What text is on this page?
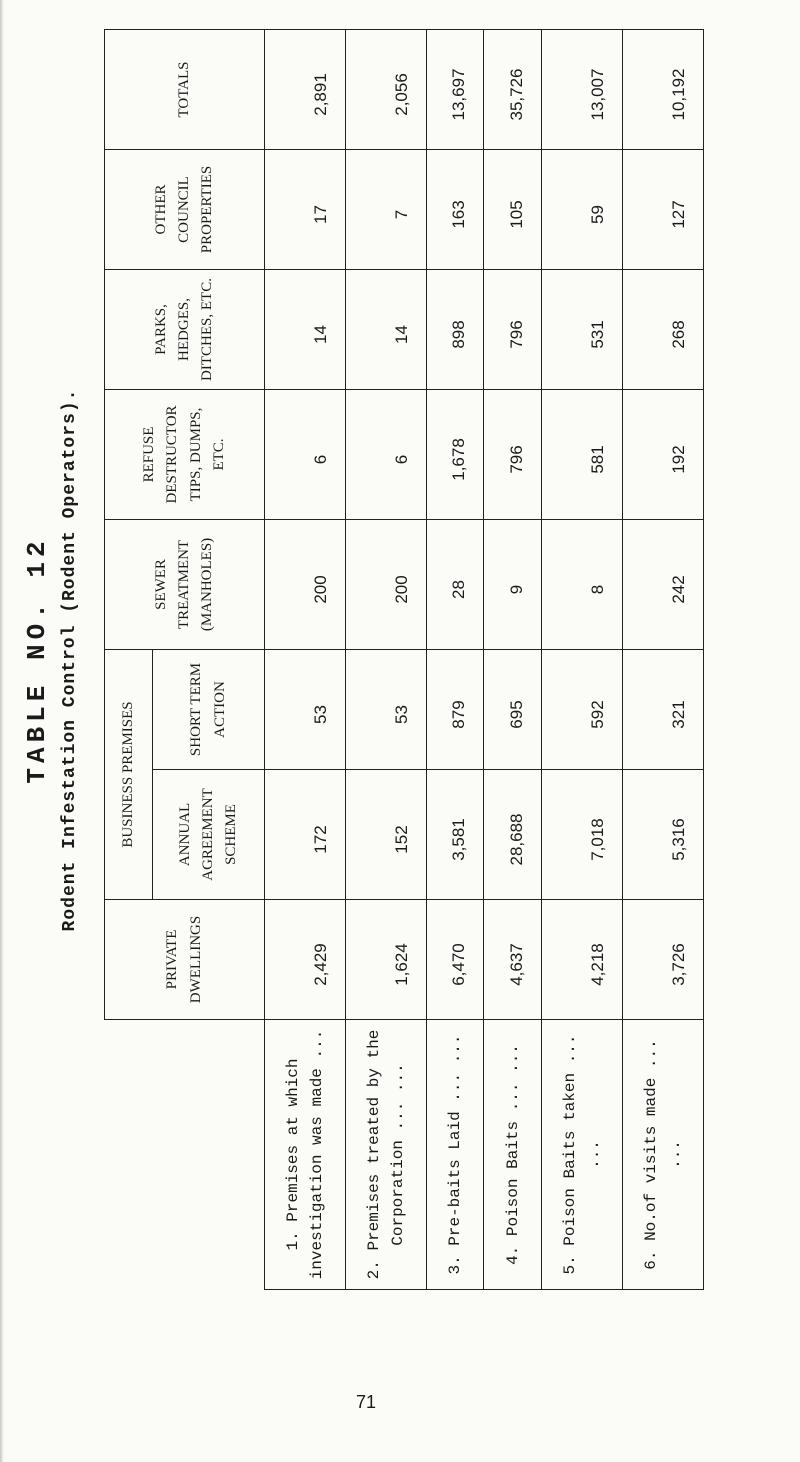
TABLE NO. 12 Rodent Infestation Control (Rodent Operators).
	PRIVATE DWELLINGS	BUSINESS PREMISES		SEWER TREATMENT (MANHOLES)	REFUSE DESTRUCTOR TIPS, DUMPS, ETC.	PARKS, HEDGES, DITCHES, ETC.	OTHER COUNCIL PROPERTIES	TOTALS
		ANNUAL AGREEMENT SCHEME	SHORT TERM ACTION					
1. Premises at which investigation was made ...	2,429	172	53	200	6	14	17	2,891
2. Premises treated by the Corporation ... ...	1,624	152	53	200	6	14	7	2,056
3. Pre-baits Laid ... ...	6,470	3,581	879	28	1,678	898	163	13,697
4. Poison Baits ... ...	4,637	28,688	695	9	796	796	105	35,726
5. Poison Baits taken ... ...	4,218	7,018	592	8	581	531	59	13,007
6. No.of visits made ... ...	3,726	5,316	321	242	192	268	127	10,192
71
